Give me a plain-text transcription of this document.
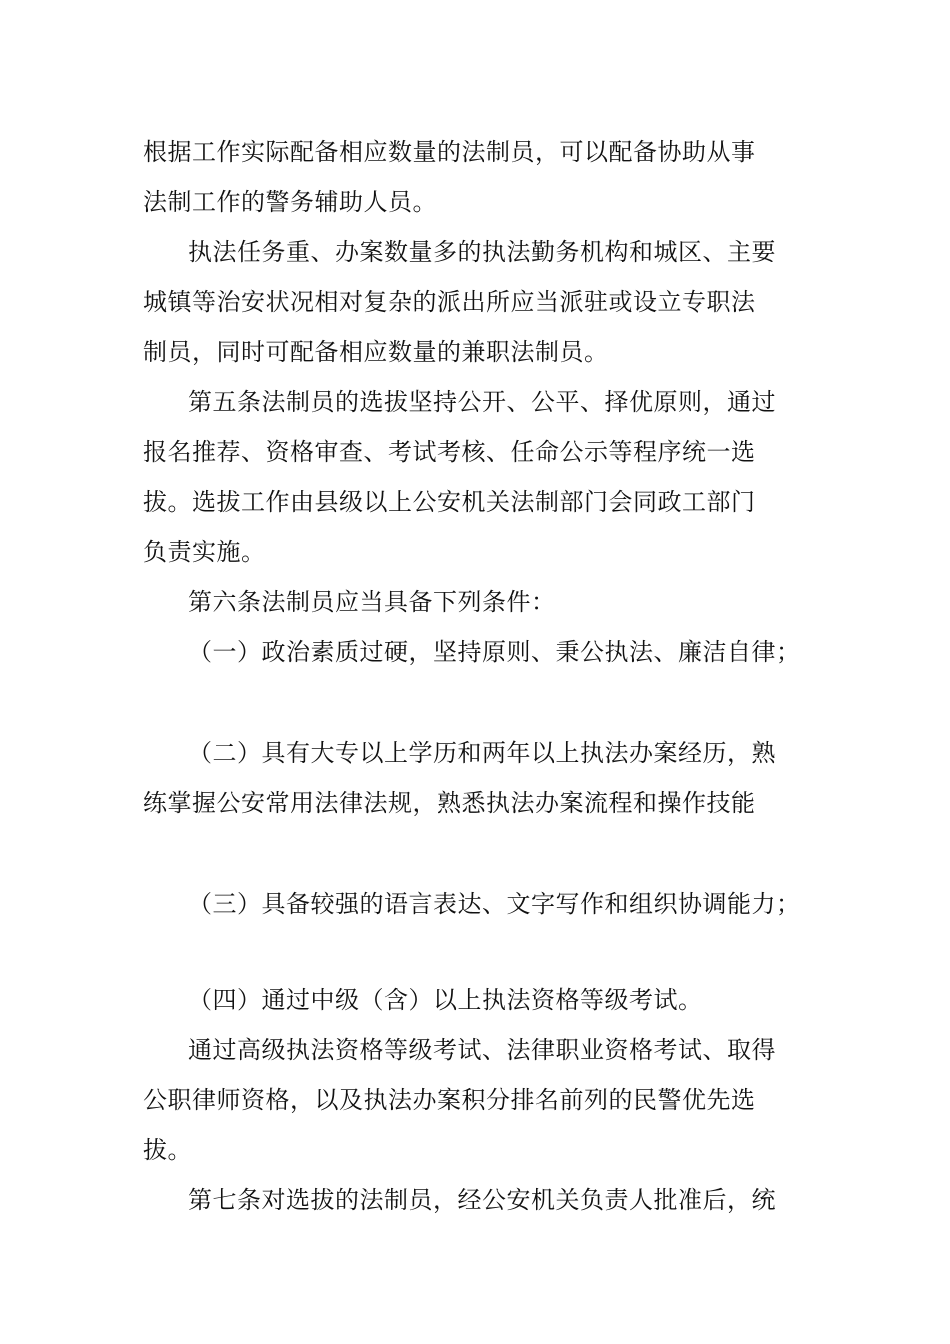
根据工作实际配备相应数量的法制员，可以配备协助从事
法制工作的警务辅助人员。
执法任务重、办案数量多的执法勤务机构和城区、主要
城镇等治安状况相对复杂的派出所应当派驻或设立专职法
制员，同时可配备相应数量的兼职法制员。
第五条法制员的选拔坚持公开、公平、择优原则，通过
报名推荐、资格审查、考试考核、任命公示等程序统一选
拔。选拔工作由县级以上公安机关法制部门会同政工部门
负责实施。
第六条法制员应当具备下列条件：
（一）政治素质过硬，坚持原则、秉公执法、廉洁自律；
（二）具有大专以上学历和两年以上执法办案经历，熟
练掌握公安常用法律法规，熟悉执法办案流程和操作技能
（三）具备较强的语言表达、文字写作和组织协调能力；
（四）通过中级（含）以上执法资格等级考试。
通过高级执法资格等级考试、法律职业资格考试、取得
公职律师资格，以及执法办案积分排名前列的民警优先选
拔。
第七条对选拔的法制员，经公安机关负责人批准后，统
